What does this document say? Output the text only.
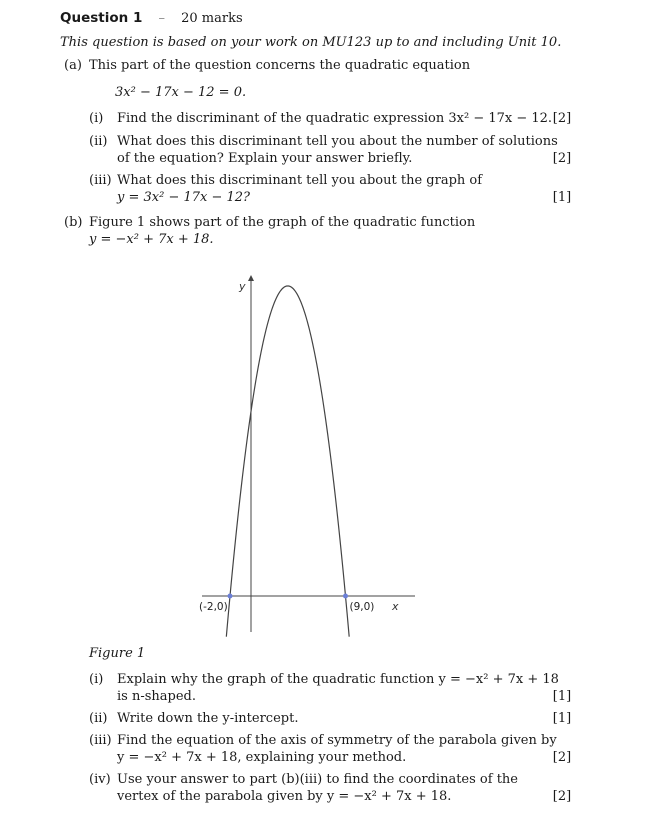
Question 1 – 20 marks
This question is based on your work on MU123 up to and including Unit 10.
(a) This part of the question concerns the quadratic equation
3x² − 17x − 12 = 0.
(i) Find the discriminant of the quadratic expression 3x² − 17x − 12. [2]
(ii) What does this discriminant tell you about the number of solutions
of the equation? Explain your answer briefly.	[2]
(iii) What does this discriminant tell you about the graph of
y = 3x² − 17x − 12?	[1]
(b) Figure 1 shows part of the graph of the quadratic function
y = −x² + 7x + 18.
x
y
(-2,0)	(9,0)
Figure 1
(i) Explain why the graph of the quadratic function y = −x² + 7x + 18
is n-shaped.	[1]
(ii) Write down the y-intercept.	[1]
(iii) Find the equation of the axis of symmetry of the parabola given by
y = −x² + 7x + 18, explaining your method.	[2]
(iv) Use your answer to part (b)(iii) to find the coordinates of the
vertex of the parabola given by y = −x² + 7x + 18.	[2]
